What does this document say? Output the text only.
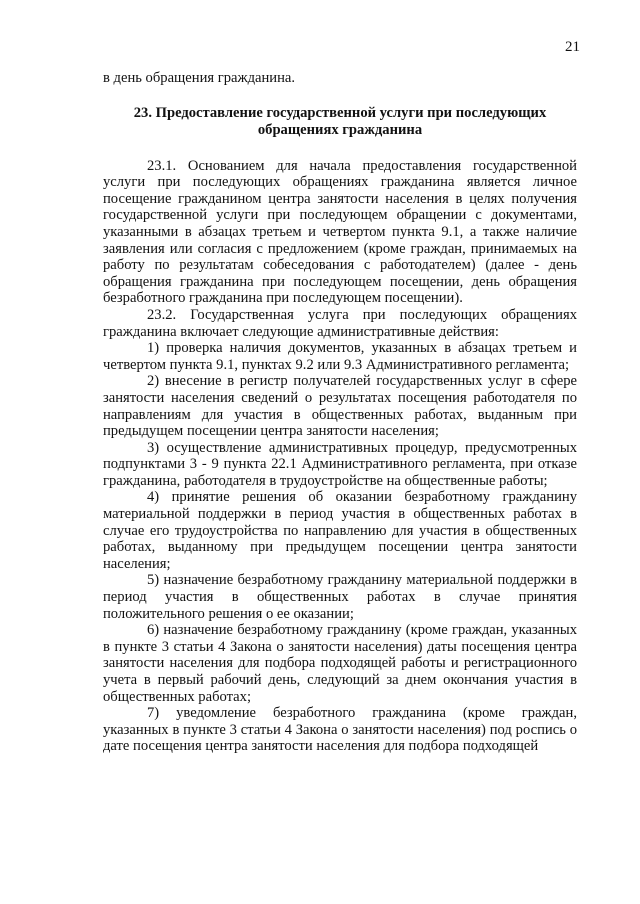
21

в день обращения гражданина.

23. Предоставление государственной услуги при последующих обращениях гражданина

23.1. Основанием для начала предоставления государственной услуги при последующих обращениях гражданина является личное посещение гражданином центра занятости населения в целях получения государственной услуги при последующем обращении с документами, указанными в абзацах третьем и четвертом пункта 9.1, а также наличие заявления или согласия с предложением (кроме граждан, принимаемых на работу по результатам собеседования с работодателем) (далее - день обращения гражданина при последующем посещении, день обращения безработного гражданина при последующем посещении).

23.2. Государственная услуга при последующих обращениях гражданина включает следующие административные действия:

1) проверка наличия документов, указанных в абзацах третьем и четвертом пункта 9.1, пунктах 9.2 или 9.3 Административного регламента;

2) внесение в регистр получателей государственных услуг в сфере занятости населения сведений о результатах посещения работодателя по направлениям для участия в общественных работах, выданным при предыдущем посещении центра занятости населения;

3) осуществление административных процедур, предусмотренных подпунктами 3 - 9 пункта 22.1 Административного регламента, при отказе гражданина, работодателя в трудоустройстве на общественные работы;

4) принятие решения об оказании безработному гражданину материальной поддержки в период участия в общественных работах в случае его трудоустройства по направлению для участия в общественных работах, выданному при предыдущем посещении центра занятости населения;

5) назначение безработному гражданину материальной поддержки в период участия в общественных работах в случае принятия положительного решения о ее оказании;

6) назначение безработному гражданину (кроме граждан, указанных в пункте 3 статьи 4 Закона о занятости населения) даты посещения центра занятости населения для подбора подходящей работы и регистрационного учета в первый рабочий день, следующий за днем окончания участия в общественных работах;

7) уведомление безработного гражданина (кроме граждан, указанных в пункте 3 статьи 4 Закона о занятости населения) под роспись о дате посещения центра занятости населения для подбора подходящей
